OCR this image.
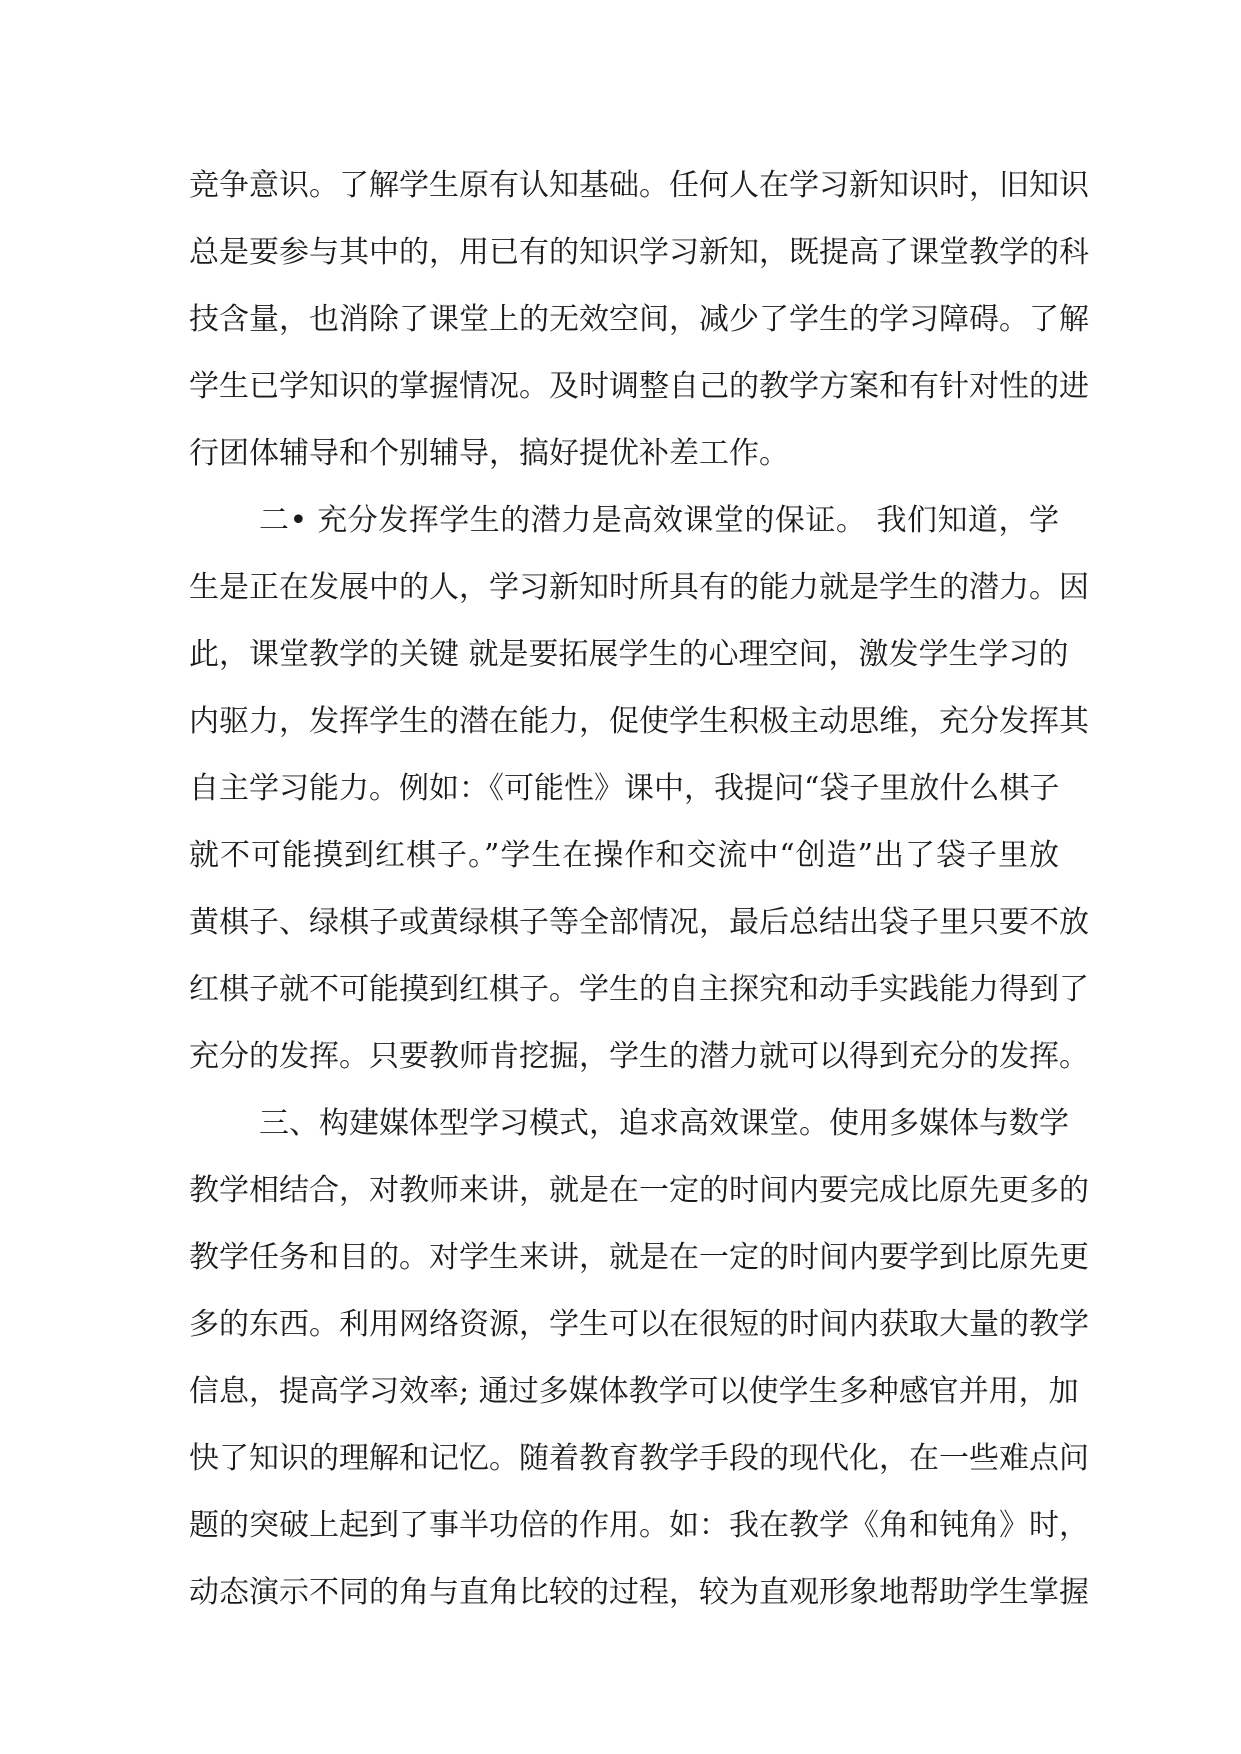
竞争意识。了解学生原有认知基础。任何人在学习新知识时，旧知识
总是要参与其中的，用已有的知识学习新知，既提高了课堂教学的科
技含量，也消除了课堂上的无效空间，减少了学生的学习障碍。了解
学生已学知识的掌握情况。及时调整自己的教学方案和有针对性的进
行团体辅导和个别辅导，搞好提优补差工作。
二• 充分发挥学生的潜力是高效课堂的保证。 我们知道，学
生是正在发展中的人，学习新知时所具有的能力就是学生的潜力。因
此，课堂教学的关键 就是要拓展学生的心理空间，激发学生学习的
内驱力，发挥学生的潜在能力，促使学生积极主动思维，充分发挥其
自主学习能力。例如：《可能性》课中，我提问“袋子里放什么棋子
就不可能摸到红棋子。”学生在操作和交流中“创造”出了袋子里放
黄棋子、绿棋子或黄绿棋子等全部情况，最后总结出袋子里只要不放
红棋子就不可能摸到红棋子。学生的自主探究和动手实践能力得到了
充分的发挥。只要教师肯挖掘，学生的潜力就可以得到充分的发挥。
三、构建媒体型学习模式，追求高效课堂。使用多媒体与数学
教学相结合，对教师来讲，就是在一定的时间内要完成比原先更多的
教学任务和目的。对学生来讲，就是在一定的时间内要学到比原先更
多的东西。利用网络资源，学生可以在很短的时间内获取大量的教学
信息，提高学习效率; 通过多媒体教学可以使学生多种感官并用，加
快了知识的理解和记忆。随着教育教学手段的现代化，在一些难点问
题的突破上起到了事半功倍的作用。如：我在教学《角和钝角》时，
动态演示不同的角与直角比较的过程，较为直观形象地帮助学生掌握
